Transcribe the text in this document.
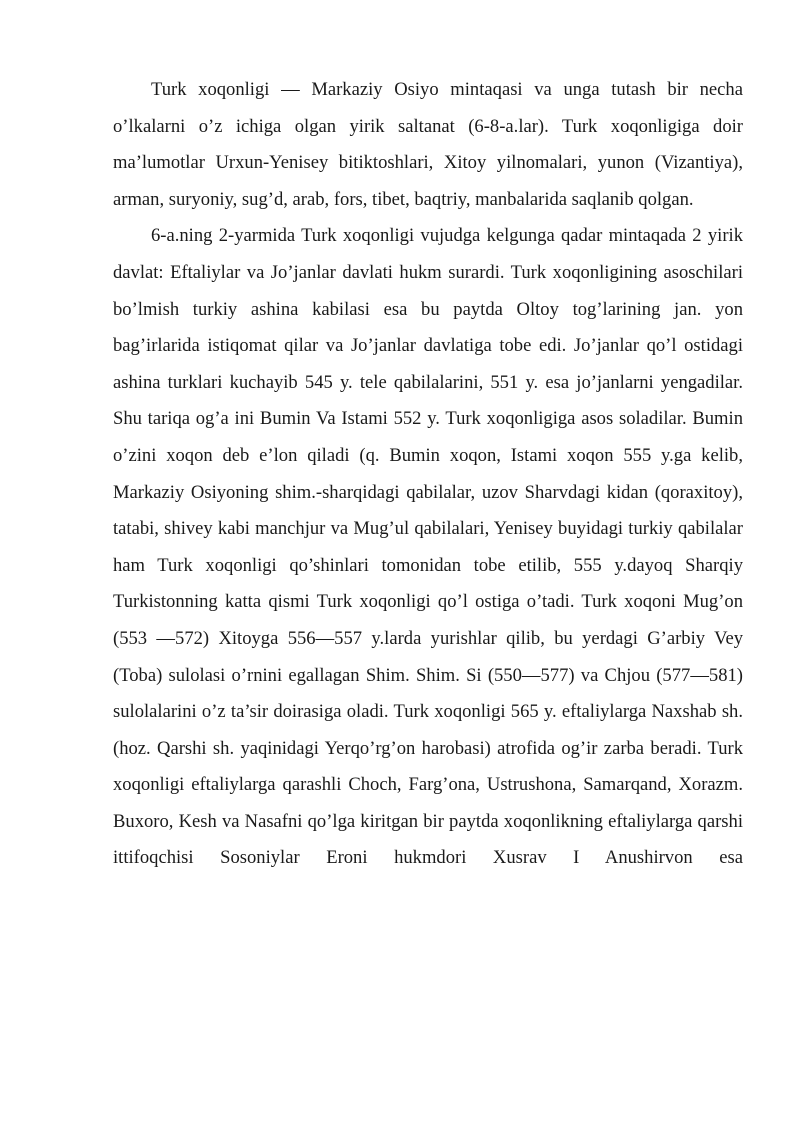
Turk xoqonligi — Markaziy Osiyo mintaqasi va unga tutash bir necha o’lkalarni o’z ichiga olgan yirik saltanat (6-8-a.lar). Turk xoqonligiga doir ma’lumotlar Urxun-Yenisey bitiktoshlari, Xitoy yilnomalari, yunon (Vizantiya), arman, suryoniy, sug’d, arab, fors, tibet, baqtriy, manbalarida saqlanib qolgan.

6-a.ning 2-yarmida Turk xoqonligi vujudga kelgunga qadar mintaqada 2 yirik davlat: Eftaliylar va Jo’janlar davlati hukm surardi. Turk xoqonligining asoschilari bo’lmish turkiy ashina kabilasi esa bu paytda Oltoy tog’larining jan. yon bag’irlarida istiqomat qilar va Jo’janlar davlatiga tobe edi. Jo’janlar qo’l ostidagi ashina turklari kuchayib 545 y. tele qabilalarini, 551 y. esa jo’janlarni yengadilar. Shu tariqa og’a ini Bumin Va Istami 552 y. Turk xoqonligiga asos soladilar. Bumin o’zini xoqon deb e’lon qiladi (q. Bumin xoqon, Istami xoqon 555 y.ga kelib, Markaziy Osiyoning shim.-sharqidagi qabilalar, uzov Sharvdagi kidan (qoraxitoy), tatabi, shivey kabi manchjur va Mug’ul qabilalari, Yenisey buyidagi turkiy qabilalar ham Turk xoqonligi qo’shinlari tomonidan tobe etilib, 555 y.dayoq Sharqiy Turkistonning katta qismi Turk xoqonligi qo’l ostiga o’tadi. Turk xoqoni Mug’on (553 —572) Xitoyga 556—557 y.larda yurishlar qilib, bu yerdagi G’arbiy Vey (Toba) sulolasi o’rnini egallagan Shim. Shim. Si (550—577) va Chjou (577—581) sulolalarini o’z ta’sir doirasiga oladi. Turk xoqonligi 565 y. eftaliylarga Naxshab sh. (hoz. Qarshi sh. yaqinidagi Yerqo’rg’on harobasi) atrofida og’ir zarba beradi. Turk xoqonligi eftaliylarga qarashli Choch, Farg’ona, Ustrushona, Samarqand, Xorazm. Buxoro, Kesh va Nasafni qo’lga kiritgan bir paytda xoqonlikning eftaliylarga qarshi ittifoqchisi Sosoniylar Eroni hukmdori Xusrav I Anushirvon esa
